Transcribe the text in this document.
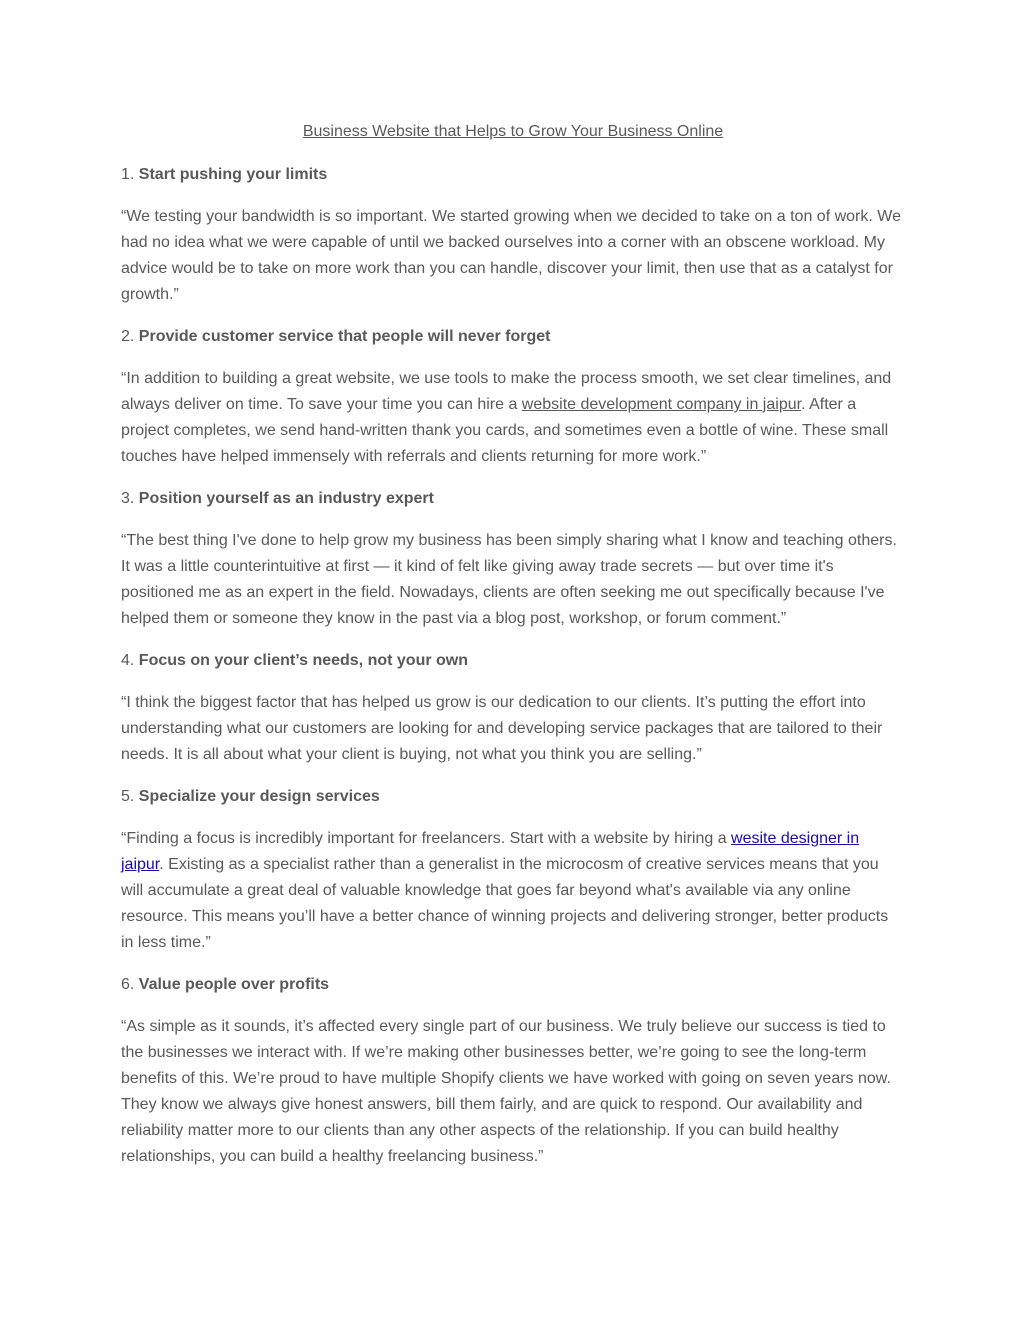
Business Website that Helps to Grow Your Business Online
1. Start pushing your limits

“We testing your bandwidth is so important. We started growing when we decided to take on a ton of work. We had no idea what we were capable of until we backed ourselves into a corner with an obscene workload. My advice would be to take on more work than you can handle, discover your limit, then use that as a catalyst for growth.”

2. Provide customer service that people will never forget

“In addition to building a great website, we use tools to make the process smooth, we set clear timelines, and always deliver on time. To save your time you can hire a website development company in jaipur. After a project completes, we send hand-written thank you cards, and sometimes even a bottle of wine. These small touches have helped immensely with referrals and clients returning for more work.”

3. Position yourself as an industry expert

“The best thing I've done to help grow my business has been simply sharing what I know and teaching others. It was a little counterintuitive at first — it kind of felt like giving away trade secrets — but over time it's positioned me as an expert in the field. Nowadays, clients are often seeking me out specifically because I've helped them or someone they know in the past via a blog post, workshop, or forum comment.”

4. Focus on your client’s needs, not your own

“I think the biggest factor that has helped us grow is our dedication to our clients. It’s putting the effort into understanding what our customers are looking for and developing service packages that are tailored to their needs. It is all about what your client is buying, not what you think you are selling.”

5. Specialize your design services

“Finding a focus is incredibly important for freelancers. Start with a website by hiring a wesite designer in jaipur. Existing as a specialist rather than a generalist in the microcosm of creative services means that you will accumulate a great deal of valuable knowledge that goes far beyond what's available via any online resource. This means you’ll have a better chance of winning projects and delivering stronger, better products in less time.”

6. Value people over profits

“As simple as it sounds, it’s affected every single part of our business. We truly believe our success is tied to the businesses we interact with. If we’re making other businesses better, we’re going to see the long-term benefits of this. We’re proud to have multiple Shopify clients we have worked with going on seven years now. They know we always give honest answers, bill them fairly, and are quick to respond. Our availability and reliability matter more to our clients than any other aspects of the relationship. If you can build healthy relationships, you can build a healthy freelancing business.”
